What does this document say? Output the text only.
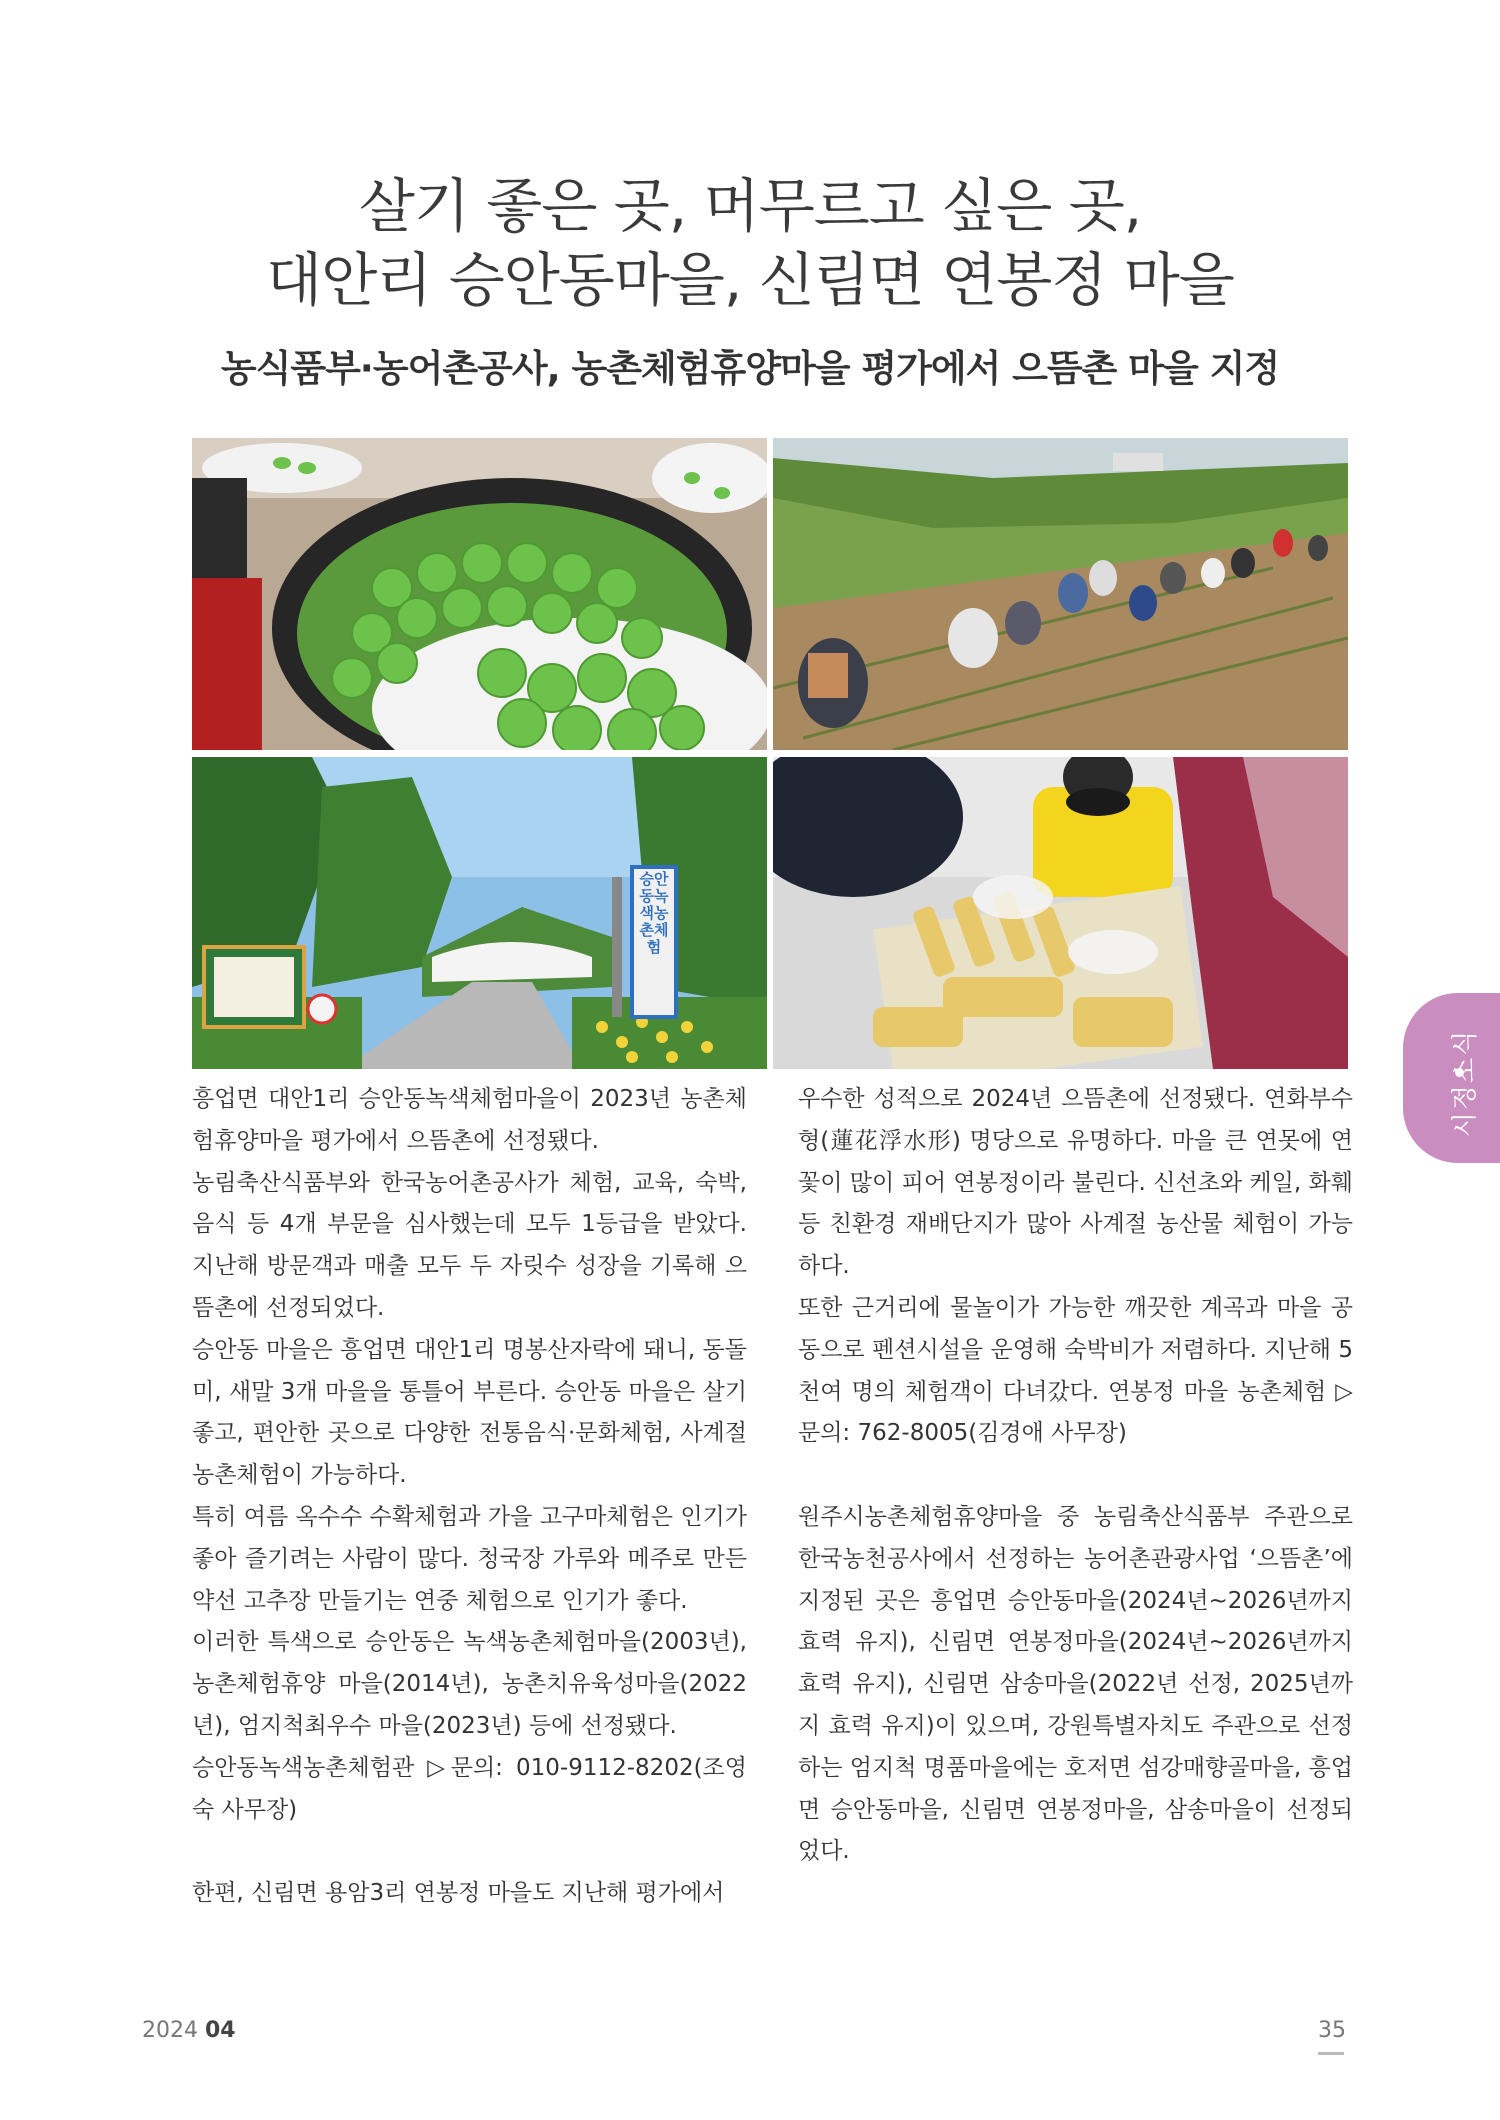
살기 좋은 곳, 머무르고 싶은 곳,
대안리 승안동마을, 신림면 연봉정 마을
농식품부·농어촌공사, 농촌체험휴양마을 평가에서 으뜸촌 마을 지정
승안동녹색농촌체험

흥업면 대안1리 승안동녹색체험마을이 2023년 농촌체험휴양마을 평가에서 으뜸촌에 선정됐다.

농림축산식품부와 한국농어촌공사가 체험, 교육, 숙박, 음식 등 4개 부문을 심사했는데 모두 1등급을 받았다. 지난해 방문객과 매출 모두 두 자릿수 성장을 기록해 으뜸촌에 선정되었다.

승안동 마을은 흥업면 대안1리 명봉산자락에 돼니, 동돌미, 새말 3개 마을을 통틀어 부른다. 승안동 마을은 살기좋고, 편안한 곳으로 다양한 전통음식·문화체험, 사계절 농촌체험이 가능하다.

특히 여름 옥수수 수확체험과 가을 고구마체험은 인기가 좋아 즐기려는 사람이 많다. 청국장 가루와 메주로 만든 약선 고추장 만들기는 연중 체험으로 인기가 좋다.

이러한 특색으로 승안동은 녹색농촌체험마을(2003년), 농촌체험휴양 마을(2014년), 농촌치유육성마을(2022년), 엄지척최우수 마을(2023년) 등에 선정됐다.

승안동녹색농촌체험관 ▷문의: 010-9112-8202(조영숙 사무장)

한편, 신림면 용암3리 연봉정 마을도 지난해 평가에서

우수한 성적으로 2024년 으뜸촌에 선정됐다. 연화부수형(蓮花浮水形) 명당으로 유명하다. 마을 큰 연못에 연꽃이 많이 피어 연봉정이라 불린다. 신선초와 케일, 화훼 등 친환경 재배단지가 많아 사계절 농산물 체험이 가능하다.

또한 근거리에 물놀이가 가능한 깨끗한 계곡과 마을 공동으로 펜션시설을 운영해 숙박비가 저렴하다. 지난해 5천여 명의 체험객이 다녀갔다. 연봉정 마을 농촌체험 ▷문의: 762-8005(김경애 사무장)

원주시농촌체험휴양마을 중 농림축산식품부 주관으로 한국농천공사에서 선정하는 농어촌관광사업 ‘으뜸촌’에 지정된 곳은 흥업면 승안동마을(2024년~2026년까지 효력 유지), 신림면 연봉정마을(2024년~2026년까지 효력 유지), 신림면 삼송마을(2022년 선정, 2025년까지 효력 유지)이 있으며, 강원특별자치도 주관으로 선정하는 엄지척 명품마을에는 호저면 섬강매향골마을, 흥업면 승안동마을, 신림면 연봉정마을, 삼송마을이 선정되었다.

시정소식
2024 04	35
